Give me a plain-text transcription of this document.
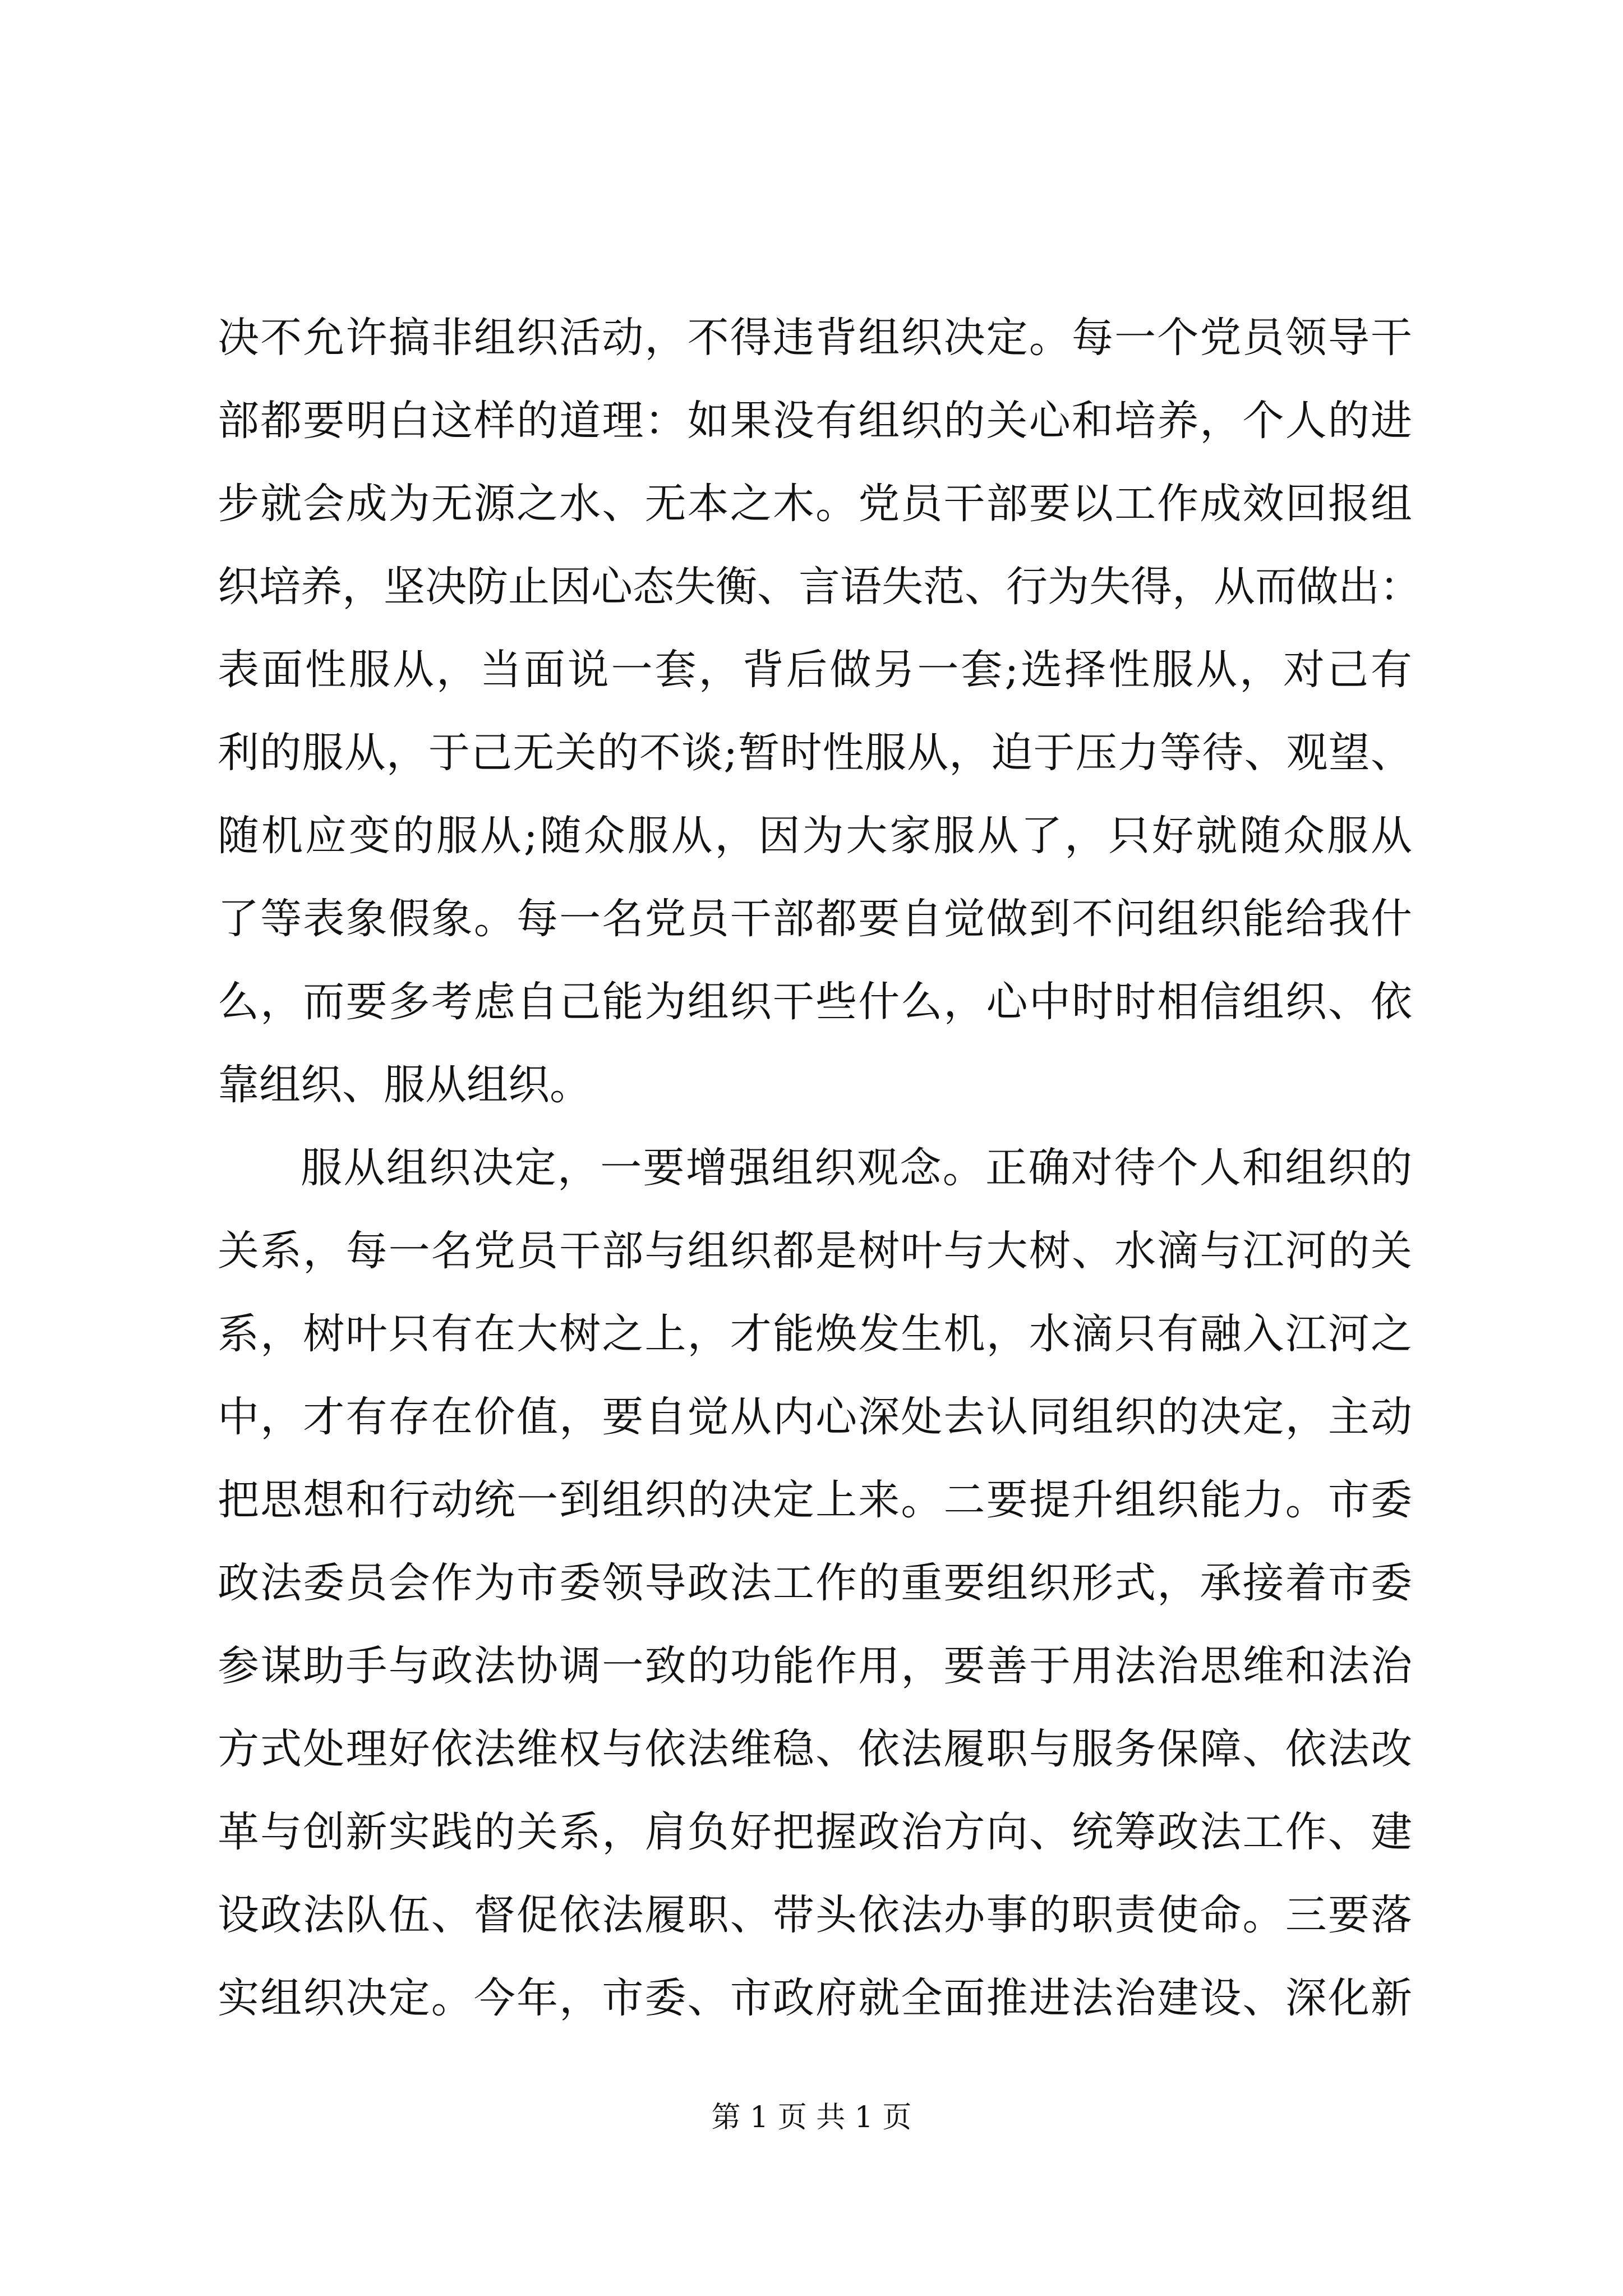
决不允许搞非组织活动，不得违背组织决定。每一个党员领导干
部都要明白这样的道理：如果没有组织的关心和培养，个人的进
步就会成为无源之水、无本之木。党员干部要以工作成效回报组
织培养，坚决防止因心态失衡、言语失范、行为失得，从而做出：
表面性服从，当面说一套，背后做另一套;选择性服从，对己有
利的服从，于己无关的不谈;暂时性服从，迫于压力等待、观望、
随机应变的服从;随众服从，因为大家服从了，只好就随众服从
了等表象假象。每一名党员干部都要自觉做到不问组织能给我什
么，而要多考虑自己能为组织干些什么，心中时时相信组织、依
靠组织、服从组织。
服从组织决定，一要增强组织观念。正确对待个人和组织的
关系，每一名党员干部与组织都是树叶与大树、水滴与江河的关
系，树叶只有在大树之上，才能焕发生机，水滴只有融入江河之
中，才有存在价值，要自觉从内心深处去认同组织的决定，主动
把思想和行动统一到组织的决定上来。二要提升组织能力。市委
政法委员会作为市委领导政法工作的重要组织形式，承接着市委
参谋助手与政法协调一致的功能作用，要善于用法治思维和法治
方式处理好依法维权与依法维稳、依法履职与服务保障、依法改
革与创新实践的关系，肩负好把握政治方向、统筹政法工作、建
设政法队伍、督促依法履职、带头依法办事的职责使命。三要落
实组织决定。今年，市委、市政府就全面推进法治建设、深化新
第 1 页 共 1 页
